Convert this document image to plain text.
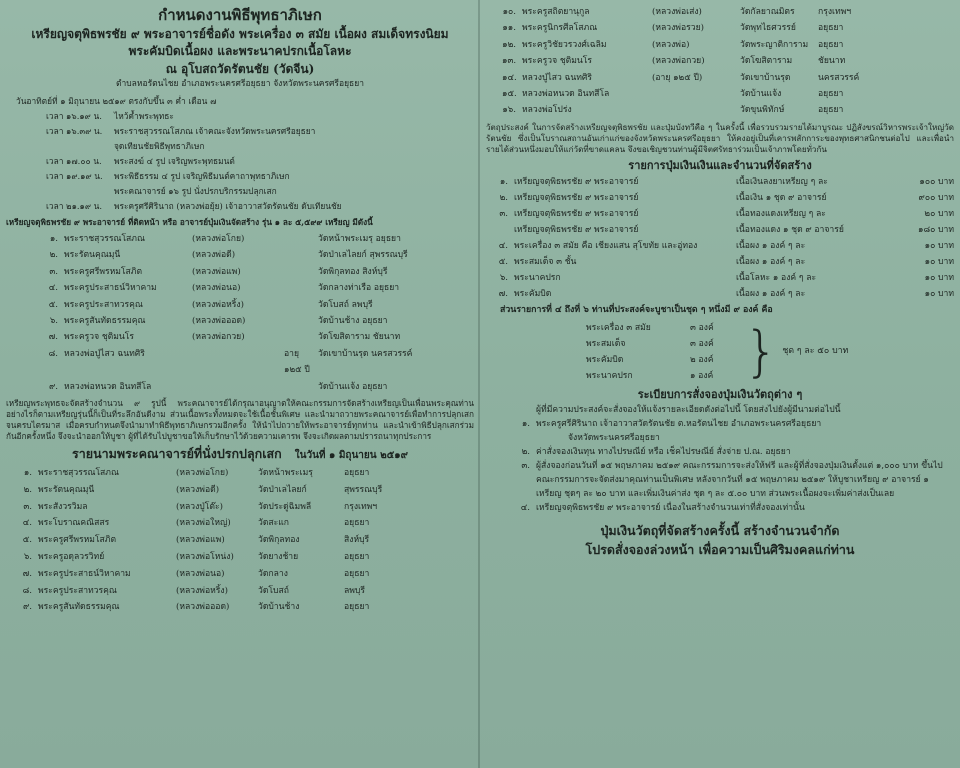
กำหนดงานพิธีพุทธาภิเษก
เหรียญจตุพิธพรชัย ๙ พระอาจารย์ชื่อดัง พระเครื่อง ๓ สมัย เนื้อผง สมเด็จทรงนิยม
พระคัมบิดเนื้อผง และพระนาคปรกเนื้อโลหะ
ณ อุโบสถวัดรัตนชัย (วัดจีน)
ตำบลหอรัตนไชย อำเภอพระนครศรีอยุธยา จังหวัดพระนครศรีอยุธยา
วันอาทิตย์ที่ ๑ มิถุนายน ๒๕๑๙ ตรงกับขึ้น ๓ ค่ำ เดือน ๗
เวลา ๑๖.๑๙ น.	ไหว้ค้ำพระพุทธะ
เวลา ๑๖.๓๙ น.	พระราชสุวรรณโสภณ เจ้าคณะจังหวัดพระนครศรีอยุธยา
จุดเทียนชัยพิธีพุทธาภิเษก
เวลา ๑๗.๐๐ น.	พระสงฆ์ ๔ รูป เจริญพระพุทธมนต์
เวลา ๑๙.๑๙ น.	พระพิธีธรรม ๔ รูป เจริญพิธีมนต์คาถาพุทธาภิเษก
พระคณาจารย์ ๑๖ รูป นั่งปรกบริกรรมปลุกเสก
เวลา ๒๑.๑๙ น.	พระครูศรีศิรินาถ (หลวงพ่อยุ้ย) เจ้าอาวาสวัดรัตนชัย ดับเทียนชัย
เหรียญจตุพิธพรชัย ๙ พระอาจารย์ ที่ติดหน้า หรือ อาจารย์ปุ่มเงินจัดสร้าง รุ่น ๑ ละ ๕,๕๙๙ เหรียญ มีดังนี้
๑. พระราชสุวรรณโสภณ	(หลวงพ่อโกย)	วัดหน้าพระเมรุ อยุธยา
๒. พระรัตนคุณมุนี	(หลวงพ่อดี)	วัดป่าเลไลยก์ สุพรรณบุรี
๓. พระครูศรีพรหมโสภิต	(หลวงพ่อแพ)	วัดพิกุลทอง สิงห์บุรี
๔. พระครูประสาธน์วิหาคาม	(หลวงพ่อนอ)	วัดกลางท่าเรือ อยุธยา
๕. พระครูประสาทวรคุณ	(หลวงพ่อหริ้ง)	วัดโบสถ์ ลพบุรี
๖. พระครูสันทัดธรรมคุณ	(หลวงพ่อออด)	วัดบ้านช้าง อยุธยา
๗. พระครูวจ ชุติมนโร	(หลวงพ่อกวย)	วัดโฆสิตาราม ชัยนาท
๘. หลวงพ่อปู่ไสว ฉนทศิริ	อายุ ๑๒๕ ปี
วัดเขาบ้านรุด นครสวรรค์
๙. หลวงพ่อหนวด อินทสีโล	วัดบ้านแจ้ง อยุธยา
เหรียญพระพุทธจะจัดสร้างจำนวน ๙ รูปนี้ พระคณาจารย์ได้กรุณาอนุญาตให้คณะกรรมการจัดสร้างเหรียญเป็นเพื่อนพระคุณท่านอย่างไรก็ตามเหรียญรุ่นนี้ก็เป็นที่ระลึกอันดีงาม ส่วนเนื้อพระทั้งหมดจะใช้เนื้อชั้นพิเศษ และนำมาถวายพระคณาจารย์เพื่อทำการปลุกเสกจนครบไตรมาส เมื่อครบกำหนดจึงนำมาทำพิธีพุทธาภิเษกรวมอีกครั้ง ให้นำไปถวายให้พระอาจารย์ทุกท่าน และนำเข้าพิธีปลุกเสกร่วมกันอีกครั้งหนึ่ง จึงจะนำออกให้บูชา ผู้ที่ได้รับไปบูชาขอให้เก็บรักษาไว้ด้วยความเคารพ จึงจะเกิดผลตามปรารถนาทุกประการ
รายนามพระคณาจารย์ที่นั่งปรกปลุกเสก ในวันที่ ๑ มิถุนายน ๒๕๑๙
๑. พระราชสุวรรณโสภณ	(หลวงพ่อโกย)	วัดหน้าพระเมรุ	อยุธยา
๒. พระรัตนคุณมุนี	(หลวงพ่อดี)	วัดป่าเลไลยก์	สุพรรณบุรี
๓. พระสังวรวิมล	(หลวงปู่โต๊ะ)	วัดประดู่ฉิมพลี	กรุงเทพฯ
๔. พระโบราณคณิสสร	(หลวงพ่อใหญ่)	วัดสะแก	อยุธยา
๕. พระครูศรีพรหมโสภิต	(หลวงพ่อแพ)	วัดพิกุลทอง	สิงห์บุรี
๖. พระครูอดุลวรวิทย์	(หลวงพ่อโหน่ง)	วัดยางช้าย	อยุธยา
๗. พระครูประสาธน์วิหาคาม	(หลวงพ่อนอ)	วัดกลาง	อยุธยา
๘. พระครูประสาทวรคุณ	(หลวงพ่อหริ้ง)	วัดโบสถ์	ลพบุรี
๙. พระครูสันทัดธรรมคุณ	(หลวงพ่อออด)	วัดบ้านช้าง	อยุธยา
๑๐. พระครูสถิตยานุกูล	(หลวงพ่อเส่ง)	วัดกัลยาณมิตร	กรุงเทพฯ
๑๑. พระครูนิกรศีลโสภณ	(หลวงพ่อรวย)	วัดพุทไธศวรรย์	อยุธยา
๑๒. พระครูวิชัยวรวงศ์เฉลิม	(หลวงพ่อ)	วัดพระญาติการาม	อยุธยา
๑๓. พระครูวจ ชุติมนโร	(หลวงพ่อกวย)	วัดโฆสิตาราม	ชัยนาท
๑๔. หลวงปู่ไสว ฉนทศิริ	(อายุ ๑๒๕ ปี)	วัดเขาบ้านรุด	นครสวรรค์
๑๕. หลวงพ่อหนวด อินทสีโล	วัดบ้านแจ้ง	อยุธยา
๑๖. หลวงพ่อโปร่ง	วัดขุนพิทักษ์	อยุธยา
วัตถุประสงค์ ในการจัดสร้างเหรียญจตุพิธพรชัย และปุ่มบังทวีคือ ๆ ในครั้งนี้ เพื่อรวบรวมรายได้มาบูรณะ ปฏิสังขรณ์วิหารพระเจ้าใหญ่วัดรัตนชัย ซึ่งเป็นโบราณสถานอันเก่าแก่ของจังหวัดพระนครศรีอยุธยา ให้คงอยู่เป็นที่เคารพสักการะของพุทธศาสนิกชนต่อไป และเพื่อนำรายได้ส่วนหนึ่งมอบให้แก่วัดที่ขาดแคลน จึงขอเชิญชวนท่านผู้มีจิตศรัทธาร่วมเป็นเจ้าภาพโดยทั่วกัน
รายการปุ่มเงินเงินและจำนวนที่จัดสร้าง
๑. เหรียญจตุพิธพรชัย ๙ พระอาจารย์	เนื้อเงินลงยาเหรียญ ๆ ละ	๑๐๐ บาท
๒. เหรียญจตุพิธพรชัย ๙ พระอาจารย์	เนื้อเงิน ๑ ชุด ๙ อาจารย์	๙๐๐ บาท
๓. เหรียญจตุพิธพรชัย ๙ พระอาจารย์	เนื้อทองแดงเหรียญ ๆ ละ	๒๐ บาท
เหรียญจตุพิธพรชัย ๙ พระอาจารย์	เนื้อทองแดง ๑ ชุด ๙ อาจารย์	๑๘๐ บาท
๔. พระเครื่อง ๓ สมัย คือ เชียงแสน สุโขทัย และอู่ทอง	เนื้อผง ๑ องค์ ๆ ละ	๑๐ บาท
๕. พระสมเด็จ ๓ ชั้น	เนื้อผง ๑ องค์ ๆ ละ	๑๐ บาท
๖. พระนาคปรก	เนื้อโลหะ ๑ องค์ ๆ ละ	๑๐ บาท
๗. พระคัมบิด	เนื้อผง ๑ องค์ ๆ ละ	๑๐ บาท
ส่วนรายการที่ ๔ ถึงที่ ๖ ท่านที่ประสงค์จะบูชาเป็นชุด ๆ หนึ่งมี ๙ องค์ คือ
พระเครื่อง ๓ สมัย	๓ องค์
พระสมเด็จ	๓ องค์
พระคัมบิด	๒ องค์
พระนาคปรก	๑ องค์ } ชุด ๆ ละ ๕๐ บาท
ระเบียบการสั่งจองปุ่มเงินวัตถุต่าง ๆ
ผู้ที่มีความประสงค์จะสั่งจองให้แจ้งรายละเอียดดังต่อไปนี้ โดยส่งไปยังผู้มีนามต่อไปนี้
๑. พระครูศรีศิรินาถ เจ้าอาวาสวัดรัตนชัย ต.หอรัตนไชย อำเภอพระนครศรีอยุธยา
จังหวัดพระนครศรีอยุธยา
๒. ค่าสั่งจองเงินทุน ทางไปรษณีย์ หรือ เช็คไปรษณีย์ สั่งจ่าย ป.ณ. อยุธยา
๓. ผู้สั่งจองก่อนวันที่ ๑๕ พฤษภาคม ๒๕๑๙ คณะกรรมการจะส่งให้ฟรี และผู้ที่สั่งจองปุ่มเงินตั้งแต่ ๑,๐๐๐ บาท ขึ้นไป คณะกรรมการจะจัดส่งมาคุณท่านเป็นพิเศษ หลังจากวันที่ ๑๕ พฤษภาคม ๒๕๑๙ ให้บูชาเหรียญ ๙ อาจารย์ ๑ เหรียญ ชุดๆ ละ ๒๐ บาท และเพิ่มเงินค่าส่ง ชุด ๆ ละ ๕.๐๐ บาท ส่วนพระเนื้อผงจะเพิ่มค่าส่งเป็นเลย
๔. เหรียญจตุพิธพรชัย ๙ พระอาจารย์ เนื่องในสร้างจำนวนเท่าที่สั่งจองเท่านั้น
ปุ่มเงินวัตถุที่จัดสร้างครั้งนี้ สร้างจำนวนจำกัด
โปรดสั่งจองล่วงหน้า เพื่อความเป็นศิริมงคลแก่ท่าน
